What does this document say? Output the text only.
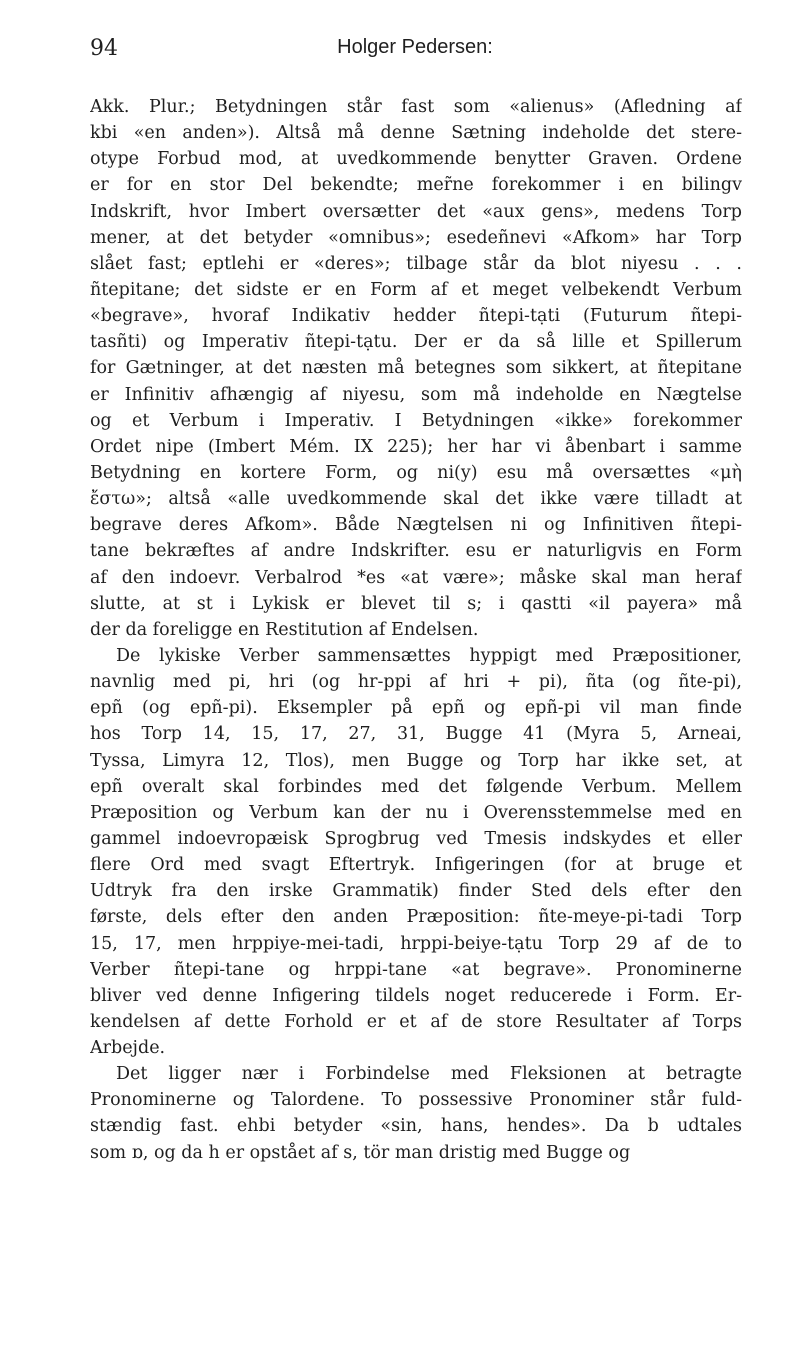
94	Holger Pedersen:
Akk. Plur.; Betydningen står fast som «alienus» (Afledning af
kbi «en anden»). Altså må denne Sætning indeholde det stere-
otype Forbud mod, at uvedkommende benytter Graven. Ordene
er for en stor Del bekendte; mer̃ne forekommer i en bilingv
Indskrift, hvor Imbert oversætter det «aux gens», medens Torp
mener, at det betyder «omnibus»; esedeñnevi «Afkom» har Torp
slået fast; eptlehi er «deres»; tilbage står da blot niyesu . . .
ñtepitane; det sidste er en Form af et meget velbekendt Verbum
«begrave», hvoraf Indikativ hedder ñtepi-tạti (Futurum ñtepi-
tasñti) og Imperativ ñtepi-tạtu. Der er da så lille et Spillerum
for Gætninger, at det næsten må betegnes som sikkert, at ñtepitane
er Infinitiv afhængig af niyesu, som må indeholde en Nægtelse
og et Verbum i Imperativ. I Betydningen «ikke» forekommer
Ordet nipe (Imbert Mém. IX 225); her har vi åbenbart i samme
Betydning en kortere Form, og ni(y) esu må oversættes «μὴ
ἔστω»; altså «alle uvedkommende skal det ikke være tilladt at
begrave deres Afkom». Både Nægtelsen ni og Infinitiven ñtepi-
tane bekræftes af andre Indskrifter. esu er naturligvis en Form
af den indoevr. Verbalrod *es «at være»; måske skal man heraf
slutte, at st i Lykisk er blevet til s; i qastti «il payera» må
der da foreligge en Restitution af Endelsen.
De lykiske Verber sammensættes hyppigt med Præpositioner,
navnlig med pi, hri (og hr-ppi af hri + pi), ñta (og ñte-pi),
epñ (og epñ-pi). Eksempler på epñ og epñ-pi vil man finde
hos Torp 14, 15, 17, 27, 31, Bugge 41 (Myra 5, Arneai,
Tyssa, Limyra 12, Tlos), men Bugge og Torp har ikke set, at
epñ overalt skal forbindes med det følgende Verbum. Mellem
Præposition og Verbum kan der nu i Overensstemmelse med en
gammel indoevropæisk Sprogbrug ved Tmesis indskydes et eller
flere Ord med svagt Eftertryk. Infigeringen (for at bruge et
Udtryk fra den irske Grammatik) finder Sted dels efter den
første, dels efter den anden Præposition: ñte-meye-pi-tadi Torp
15, 17, men hrppiye-mei-tadi, hrppi-beiye-tạtu Torp 29 af de to
Verber ñtepi-tane og hrppi-tane «at begrave». Pronominerne
bliver ved denne Infigering tildels noget reducerede i Form. Er-
kendelsen af dette Forhold er et af de store Resultater af Torps
Arbejde.
Det ligger nær i Forbindelse med Fleksionen at betragte
Pronominerne og Talordene. To possessive Pronominer står fuld-
stændig fast. ehbi betyder «sin, hans, hendes». Da b udtales
som ɒ, og da h er opstået af s, tör man dristig med Bugge og
